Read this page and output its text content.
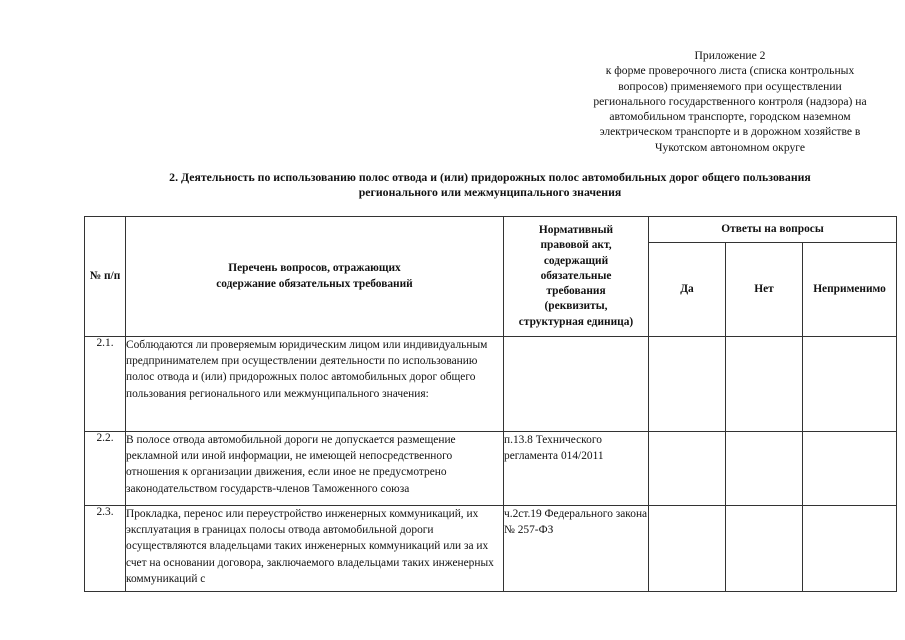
Приложение 2
к форме проверочного листа (списка контрольных
вопросов) применяемого при осуществлении
регионального государственного контроля (надзора) на
автомобильном транспорте, городском наземном
электрическом транспорте и в дорожном хозяйстве в
Чукотском автономном округе
2. Деятельность по использованию полос отвода и (или) придорожных полос автомобильных дорог общего пользования
регионального или межмунципального значения
№ п/п	Перечень вопросов, отражающих содержание обязательных требований	Нормативный правовой акт, содержащий обязательные требования (реквизиты, структурная единица)	Ответы на вопросы		
			Да	Нет	Неприменимо
2.1.	Соблюдаются ли проверяемым юридическим лицом или индивидуальным предпринимателем при осуществлении деятельности по использованию полос отвода и (или) придорожных полос автомобильных дорог общего пользования регионального или межмунципального значения:				
2.2.	В полосе отвода автомобильной дороги не допускается размещение рекламной или иной информации, не имеющей непосредственного отношения к организации движения, если иное не предусмотрено законодательством государств-членов Таможенного союза	п.13.8 Технического регламента 014/2011			
2.3.	Прокладка, перенос или переустройство инженерных коммуникаций, их эксплуатация в границах полосы отвода автомобильной дороги осуществляются владельцами таких инженерных коммуникаций или за их счет на основании договора, заключаемого владельцами таких инженерных коммуникаций с	ч.2ст.19 Федерального закона № 257-ФЗ			
